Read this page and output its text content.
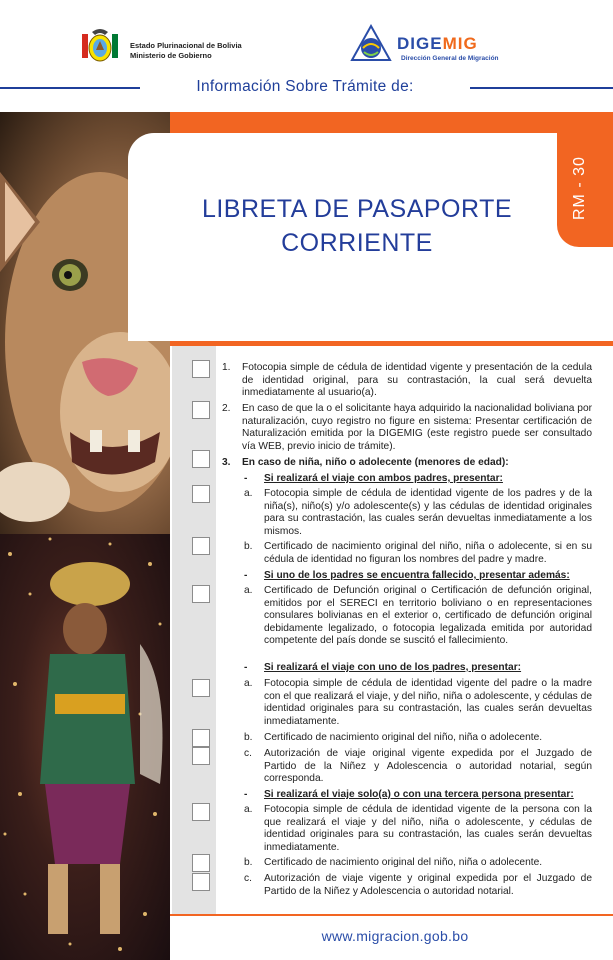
Estado Plurinacional de Bolivia
Ministerio de Gobierno
DIGEMIG
Dirección General de Migración
Información Sobre Trámite de:
RM - 30
LIBRETA DE PASAPORTE
CORRIENTE
1.	Fotocopia simple de cédula de identidad vigente y presentación de la cedula de identidad original, para su contrastación, la cual será devuelta inmediatamente al usuario(a).
2.	En caso de que la o el solicitante haya adquirido la nacionalidad boliviana por naturalización, cuyo registro no figure en sistema: Presentar certificación de Naturalización emitida por la DIGEMIG (este registro puede ser consultado vía WEB, previo inicio de trámite).
3.	En caso de niña, niño o adolecente (menores de edad):
- Si realizará el viaje con ambos padres, presentar:
a.	Fotocopia simple de cédula de identidad vigente de los padres y de la niña(s), niño(s) y/o adolescente(s) y las cédulas de identidad originales para su contrastación, las cuales serán devueltas inmediatamente a los mismos.
b.	Certificado de nacimiento original del niño, niña o adolecente, si en su cédula de identidad no figuran los nombres del padre y madre.
- Si uno de los padres se encuentra fallecido, presentar además:
a.	Certificado de Defunción original o Certificación de defunción original, emitidos por el SERECI en territorio boliviano o en representaciones consulares bolivianas en el exterior o, certificado de defunción original debidamente legalizado, o fotocopia legalizada emitida por autoridad competente del país donde se suscitó el fallecimiento.
- Si realizará el viaje con uno de los padres, presentar:
a.	Fotocopia simple de cédula de identidad vigente del padre o la madre con el que realizará el viaje, y del niño, niña o adolescente, y cédulas de identidad originales para su contrastación, las cuales serán devueltas inmediatamente.
b.	Certificado de nacimiento original del niño, niña o adolecente.
c.	Autorización de viaje original vigente expedida por el Juzgado de Partido de la Niñez y Adolescencia o autoridad notarial, según corresponda.
- Si realizará el viaje solo(a) o con una tercera persona presentar:
a.	Fotocopia simple de cédula de identidad vigente de la persona con la que realizará el viaje y del niño, niña o adolescente, y cédulas de identidad originales para su contrastación, las cuales serán devueltas inmediatamente.
b.	Certificado de nacimiento original del niño, niña o adolecente.
c.	Autorización de viaje vigente y original expedida por el Juzgado de Partido de la Niñez y Adolescencia o autoridad notarial.
www.migracion.gob.bo
